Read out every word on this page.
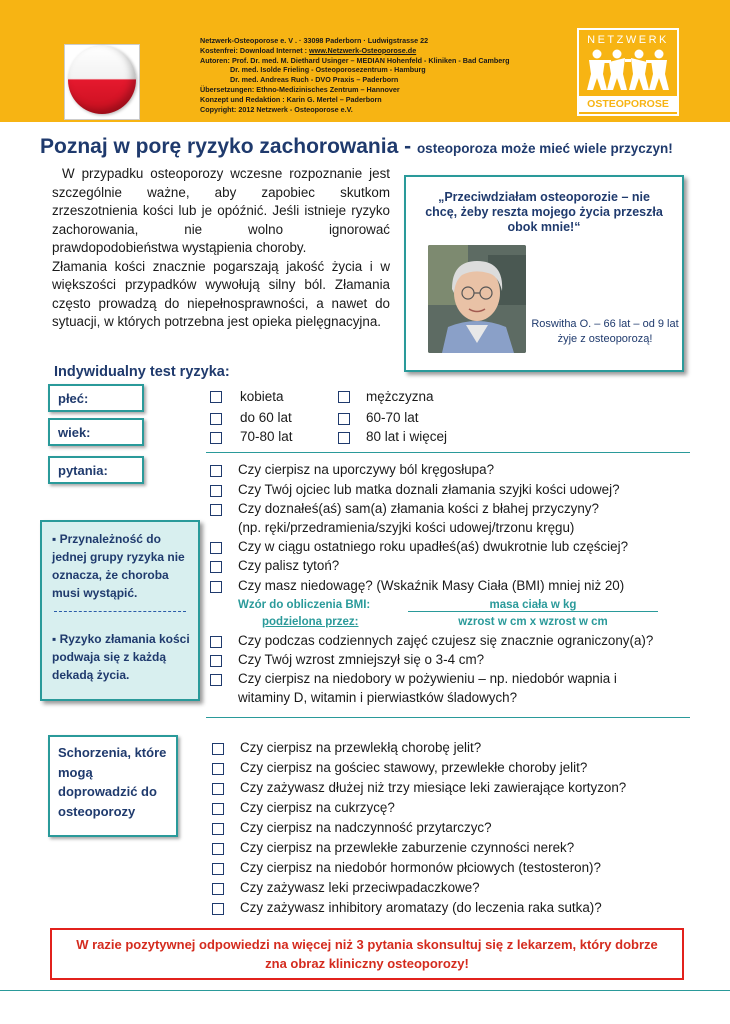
Netzwerk-Osteoporose e. V . · 33098 Paderborn · Ludwigstrasse 22
Kostenfrei: Download Internet : www.Netzwerk-Osteoporose.de
Autoren: Prof. Dr. med. M. Diethard Usinger – MEDIAN Hohenfeld - Kliniken - Bad Camberg
Dr. med. Isolde Frieling - Osteoporosezentrum - Hamburg
Dr. med. Andreas Ruch - DVO Praxis – Paderborn
Übersetzungen: Ethno-Medizinisches Zentrum – Hannover
Konzept und Redaktion : Karin G. Mertel – Paderborn
Copyright: 2012 Netzwerk - Osteoporose e.V.
NETZWERK
OSTEOPOROSE
Poznaj w porę ryzyko zachorowania - osteoporoza może mieć wiele przyczyn!

W przypadku osteoporozy wczesne rozpoznanie jest szczególnie ważne, aby zapobiec skutkom zrzeszotnienia kości lub je opóźnić. Jeśli istnieje ryzyko zachorowania, nie wolno ignorować prawdopodobieństwa wystąpienia choroby.

Złamania kości znacznie pogarszają jakość życia i w większości przypadków wywołują silny ból. Złamania często prowadzą do niepełnosprawności, a nawet do sytuacji, w których potrzebna jest opieka pielęgnacyjna.

„Przeciwdziałam osteoporozie – nie chcę, żeby reszta mojego życia przeszła obok mnie!“
Roswitha O. – 66 lat – od 9 lat żyje z osteoporozą!
Indywidualny test ryzyka:
płeć:	kobieta	mężczyzna
wiek:
do 60 lat	60-70 lat
70-80 lat	80 lat i więcej
pytania:	Czy cierpisz na uporczywy ból kręgosłupa?
Czy Twój ojciec lub matka doznali złamania szyjki kości udowej?
Czy doznałeś(aś) sam(a) złamania kości z błahej przyczyny?
(np. ręki/przedramienia/szyjki kości udowej/trzonu kręgu)
Czy w ciągu ostatniego roku upadłeś(aś) dwukrotnie lub częściej?
Czy palisz tytoń?
Czy masz niedowagę? (Wskaźnik Masy Ciała (BMI) mniej niż 20)
Wzór do obliczenia BMI:	masa ciała w kg
podzielona przez:	wzrost w cm x wzrost w cm
Czy podczas codziennych zajęć czujesz się znacznie ograniczony(a)?
Czy Twój wzrost zmniejszył się o 3-4 cm?
Czy cierpisz na niedobory w pożywieniu – np. niedobór wapnia i
witaminy D, witamin i pierwiastków śladowych?
▪ Przynależność do jednej grupy ryzyka nie oznacza, że choroba musi wystąpić.
▪ Ryzyko złamania kości podwaja się z każdą dekadą życia.
Schorzenia, które mogą doprowadzić do osteoporozy
Czy cierpisz na przewlekłą chorobę jelit?
Czy cierpisz na gościec stawowy, przewlekłe choroby jelit?
Czy zażywasz dłużej niż trzy miesiące leki zawierające kortyzon?
Czy cierpisz na cukrzycę?
Czy cierpisz na nadczynność przytarczyc?
Czy cierpisz na przewlekłe zaburzenie czynności nerek?
Czy cierpisz na niedobór hormonów płciowych (testosteron)?
Czy zażywasz leki przeciwpadaczkowe?
Czy zażywasz inhibitory aromatazy (do leczenia raka sutka)?
W razie pozytywnej odpowiedzi na więcej niż 3 pytania skonsultuj się z lekarzem, który dobrze
zna obraz kliniczny osteoporozy!
